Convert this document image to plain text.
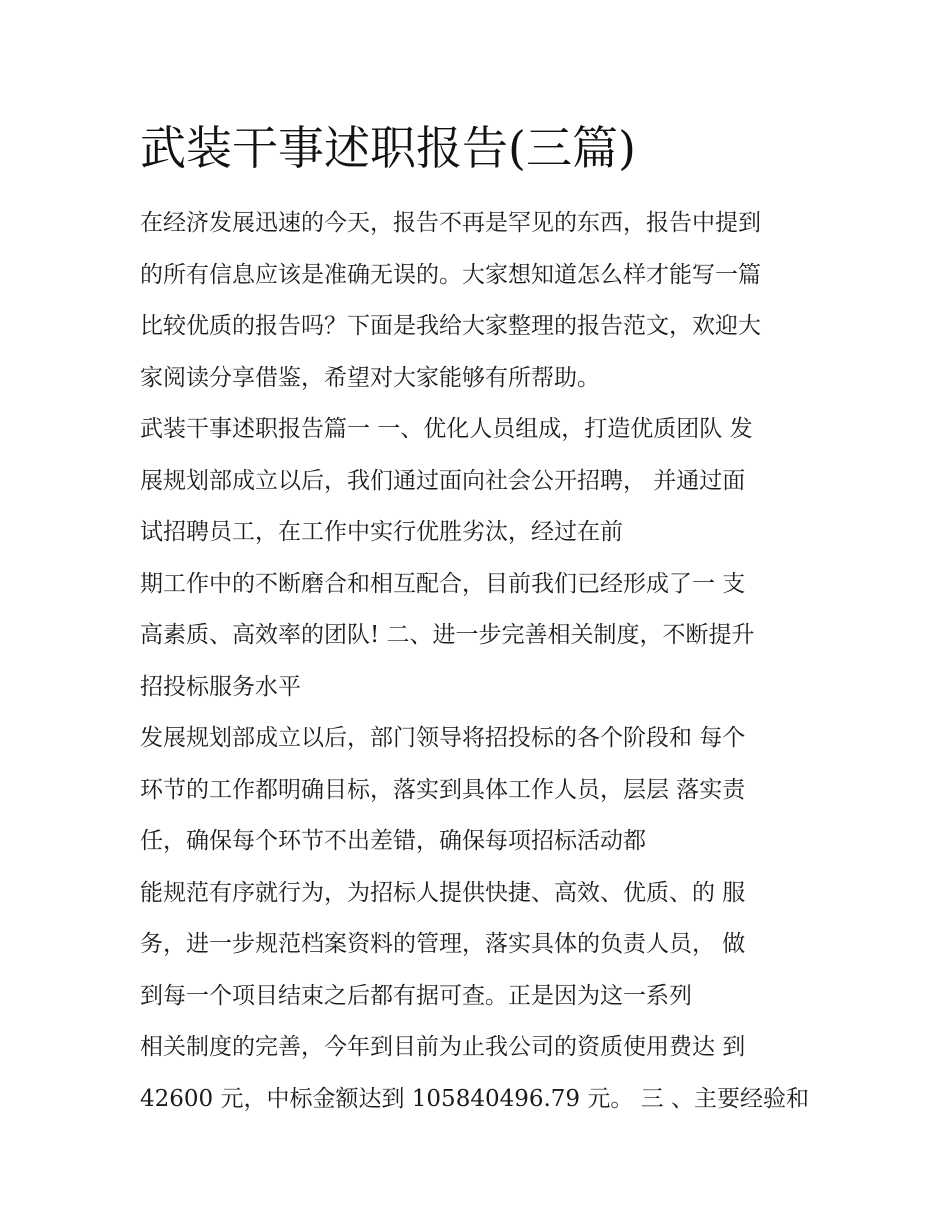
武装干事述职报告(三篇)
在经济发展迅速的今天，报告不再是罕见的东西，报告中提到
的所有信息应该是准确无误的。大家想知道怎么样才能写一篇
比较优质的报告吗？下面是我给大家整理的报告范文，欢迎大
家阅读分享借鉴，希望对大家能够有所帮助。
武装干事述职报告篇一 一、优化人员组成，打造优质团队 发
展规划部成立以后，我们通过面向社会公开招聘， 并通过面
试招聘员工，在工作中实行优胜劣汰，经过在前
期工作中的不断磨合和相互配合，目前我们已经形成了一 支
高素质、高效率的团队! 二、进一步完善相关制度，不断提升
招投标服务水平
发展规划部成立以后，部门领导将招投标的各个阶段和 每个
环节的工作都明确目标，落实到具体工作人员，层层 落实责
任，确保每个环节不出差错，确保每项招标活动都
能规范有序就行为，为招标人提供快捷、高效、优质、的 服
务，进一步规范档案资料的管理，落实具体的负责人员， 做
到每一个项目结束之后都有据可查。正是因为这一系列
相关制度的完善，今年到目前为止我公司的资质使用费达 到
42600 元，中标金额达到 105840496.79 元。 三 、主要经验和
